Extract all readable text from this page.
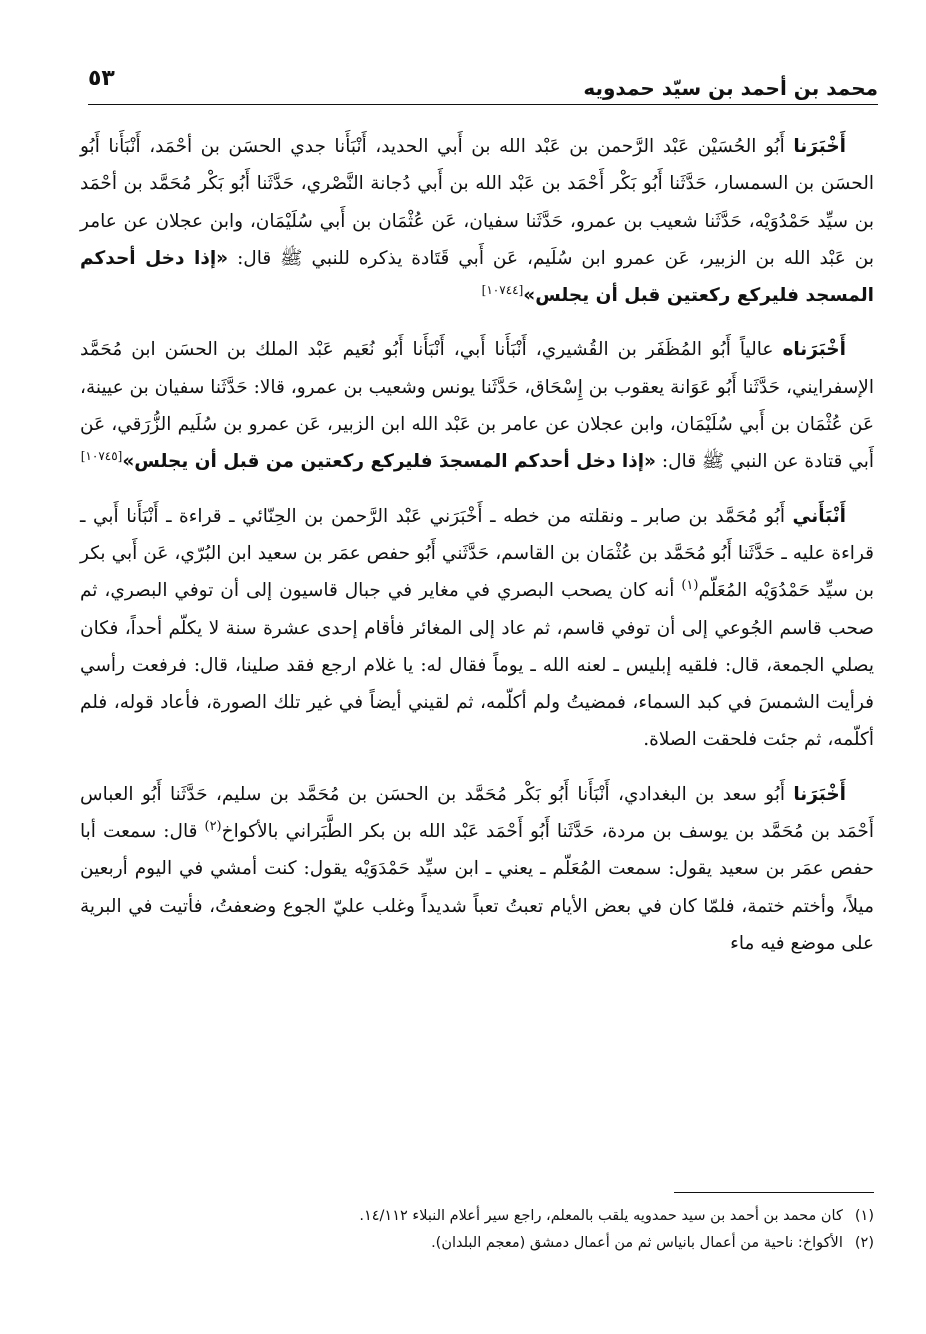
محمد بن أحمد بن سيّد حمدويه
٥٣

أَخْبَرَنا أَبُو الحُسَيْن عَبْد الرَّحمن بن عَبْد الله بن أَبي الحديد، أَنْبَأَنا جدي الحسَن بن أحْمَد، أَنْبَأَنا أَبُو الحسَن بن السمسار، حَدَّثَنا أَبُو بَكْر أَحْمَد بن عَبْد الله بن أَبي دُجانة النَّصْري، حَدَّثَنا أَبُو بَكْر مُحَمَّد بن أحْمَد بن سيِّد حَمْدُوَيْه، حَدَّثَنا شعيب بن عمرو، حَدَّثَنا سفيان، عَن عُثْمَان بن أَبي سُلَيْمَان، وابن عجلان عن عامر بن عَبْد الله بن الزبير، عَن عمرو ابن سُلَيم، عَن أَبي قَتَادة يذكره للنبي ﷺ قال: «إذا دخل أحدكم المسجد فليركع ركعتين قبل أن يجلس»[١٠٧٤٤]

أَخْبَرَناه عالياً أَبُو المُظَفَر بن القُشيري، أَنْبَأَنا أَبي، أَنْبَأَنا أَبُو نُعَيم عَبْد الملك بن الحسَن ابن مُحَمَّد الإسفرايني، حَدَّثَنا أَبُو عَوَانة يعقوب بن إِسْحَاق، حَدَّثَنا يونس وشعيب بن عمرو، قالا: حَدَّثَنا سفيان بن عيينة، عَن عُثْمَان بن أَبي سُلَيْمَان، وابن عجلان عن عامر بن عَبْد الله ابن الزبير، عَن عمرو بن سُلَيم الزُّرَقي، عَن أَبي قتادة عن النبي ﷺ قال: «إذا دخل أحدكم المسجدَ فليركع ركعتين من قبل أن يجلس»[١٠٧٤٥]

أَنْبَأَني أَبُو مُحَمَّد بن صابر ـ ونقلته من خطه ـ أَخْبَرَني عَبْد الرَّحمن بن الحِنّائي ـ قراءة ـ أَنْبَأَنا أَبي ـ قراءة عليه ـ حَدَّثَنا أَبُو مُحَمَّد بن عُثْمَان بن القاسم، حَدَّثَني أَبُو حفص عمَر بن سعيد ابن البُرّي، عَن أَبي بكر بن سيِّد حَمْدُوَيْه المُعَلّم$^{(١)}$ أنه كان يصحب البصري في مغاير في جبال قاسيون إلى أن توفي البصري، ثم صحب قاسم الجُوعي إلى أن توفي قاسم، ثم عاد إلى المغائر فأقام إحدى عشرة سنة لا يكلّم أحداً، فكان يصلي الجمعة، قال: فلقيه إبليس ـ لعنه الله ـ يوماً فقال له: يا غلام ارجع فقد صلينا، قال: فرفعت رأسي فرأيت الشمسَ في كبد السماء، فمضيتُ ولم أكلّمه، ثم لقيني أيضاً في غير تلك الصورة، فأعاد قوله، فلم أكلّمه، ثم جئت فلحقت الصلاة.

أَخْبَرَنا أَبُو سعد بن البغدادي، أَنْبَأَنا أَبُو بَكْر مُحَمَّد بن الحسَن بن مُحَمَّد بن سليم، حَدَّثَنا أَبُو العباس أَحْمَد بن مُحَمَّد بن يوسف بن مردة، حَدَّثَنا أَبُو أَحْمَد عَبْد الله بن بكر الطَّبَراني بالأكواخ$^{(٢)}$ قال: سمعت أبا حفص عمَر بن سعيد يقول: سمعت المُعَلّم ـ يعني ـ ابن سيِّد حَمْدَوَيْه يقول: كنت أمشي في اليوم أربعين ميلاً، وأختم ختمة، فلمّا كان في بعض الأيام تعبتُ تعباً شديداً وغلب عليّ الجوع وضعفتُ، فأتيت في البرية على موضع فيه ماء

(١)كان محمد بن أحمد بن سيد حمدويه يلقب بالمعلم، راجع سير أعلام النبلاء ١٤/١١٢.

(٢)الأكواخ: ناحية من أعمال بانياس ثم من أعمال دمشق (معجم البلدان).
